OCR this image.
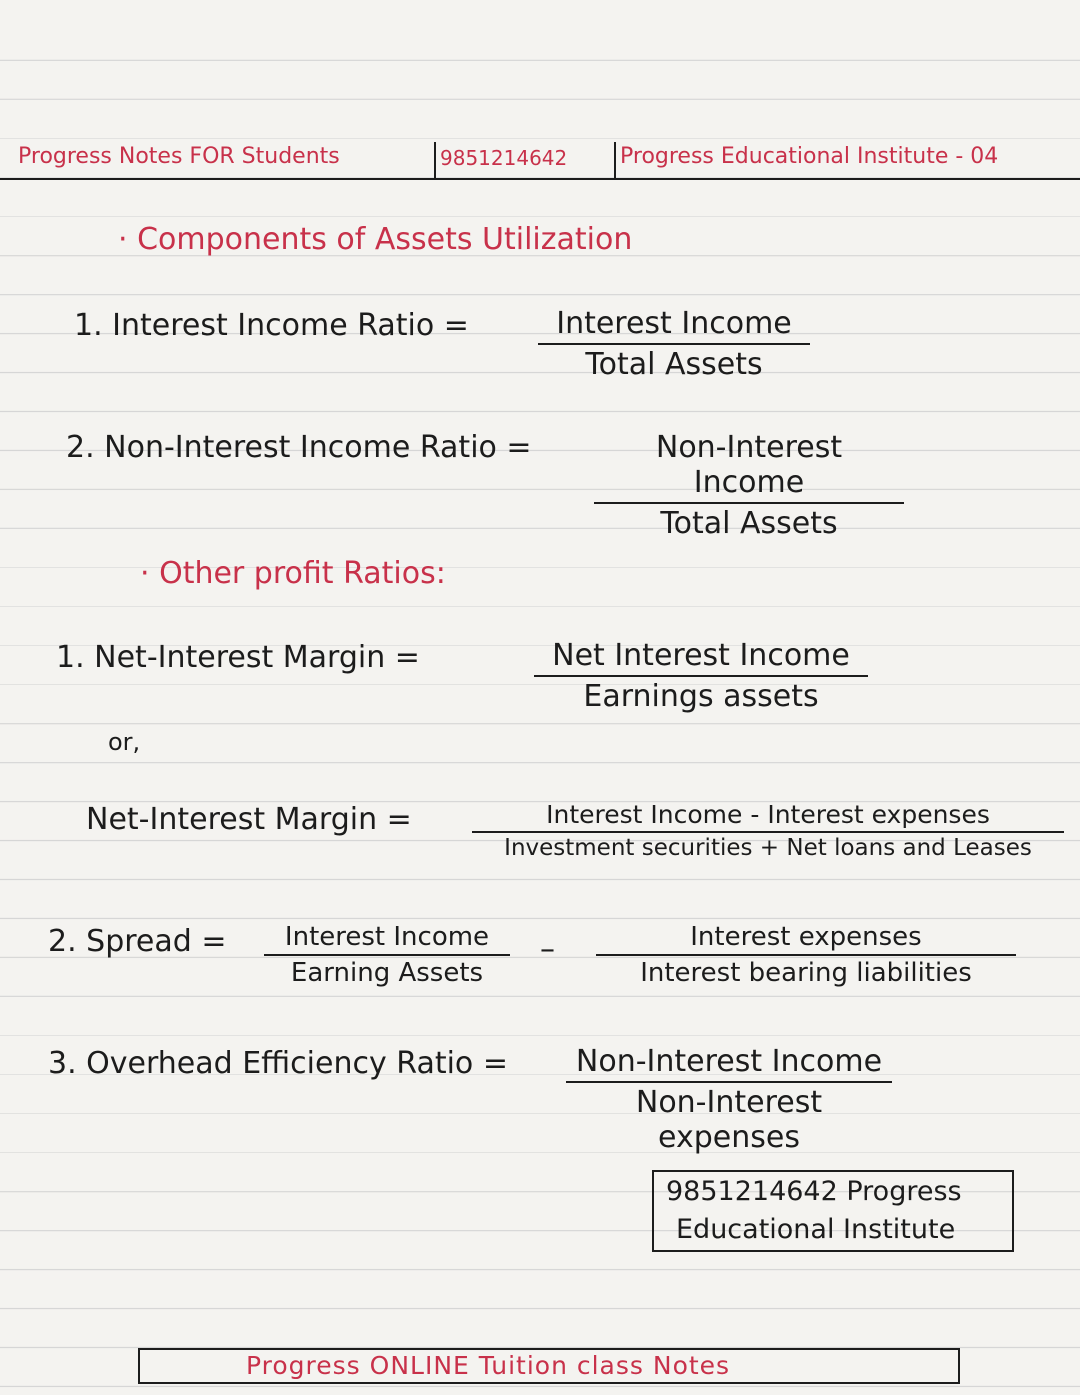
Progress Notes FOR Students	9851214642 Progress Educational Institute - 04
· Components of Assets Utilization
1. Interest Income Ratio =	Interest Income
Total Assets
2. Non-Interest Income Ratio =	Non-Interest Income
Total Assets
· Other profit Ratios:
1. Net-Interest Margin =	Net Interest Income
Earnings assets
or,
Net-Interest Margin =	Interest Income - Interest expenses
Investment securities + Net loans and Leases
2. Spread =	Interest Income
Earning Assets
–	Interest expenses
Interest bearing liabilities
3. Overhead Efficiency Ratio =	Non-Interest Income
Non-Interest expenses
9851214642 Progress
Educational Institute
Progress ONLINE Tuition class Notes
